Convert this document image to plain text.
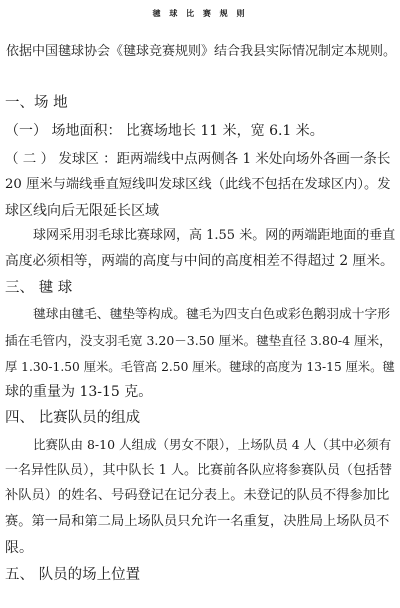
毽 球 比 赛 规 则
依据中国毽球协会《毽球竞赛规则》结合我县实际情况制定本规则。
一、场 地
（一） 场地面积： 比赛场地长 11 米，宽 6.1 米。
（ 二 ） 发球区 ：距两端线中点两侧各 1 米处向场外各画一条长
20 厘米与端线垂直短线叫发球区线（此线不包括在发球区内）。发
球区线向后无限延长区域
球网采用羽毛球比赛球网，高 1.55 米。网的两端距地面的垂直
高度必须相等，两端的高度与中间的高度相差不得超过 2 厘米。
三、 毽 球
毽球由毽毛、毽垫等构成。毽毛为四支白色或彩色鹅羽成十字形
插在毛管内，没支羽毛宽 3.20－3.50 厘米。毽垫直径 3.80-4 厘米，
厚 1.30-1.50 厘米。毛管高 2.50 厘米。毽球的高度为 13-15 厘米。毽
球的重量为 13-15 克。
四、 比赛队员的组成
比赛队由 8-10 人组成（男女不限），上场队员 4 人（其中必须有
一名异性队员），其中队长 1 人。比赛前各队应将参赛队员（包括替
补队员）的姓名、号码登记在记分表上。未登记的队员不得参加比
赛。第一局和第二局上场队员只允许一名重复，决胜局上场队员不
限。
五、 队员的场上位置
